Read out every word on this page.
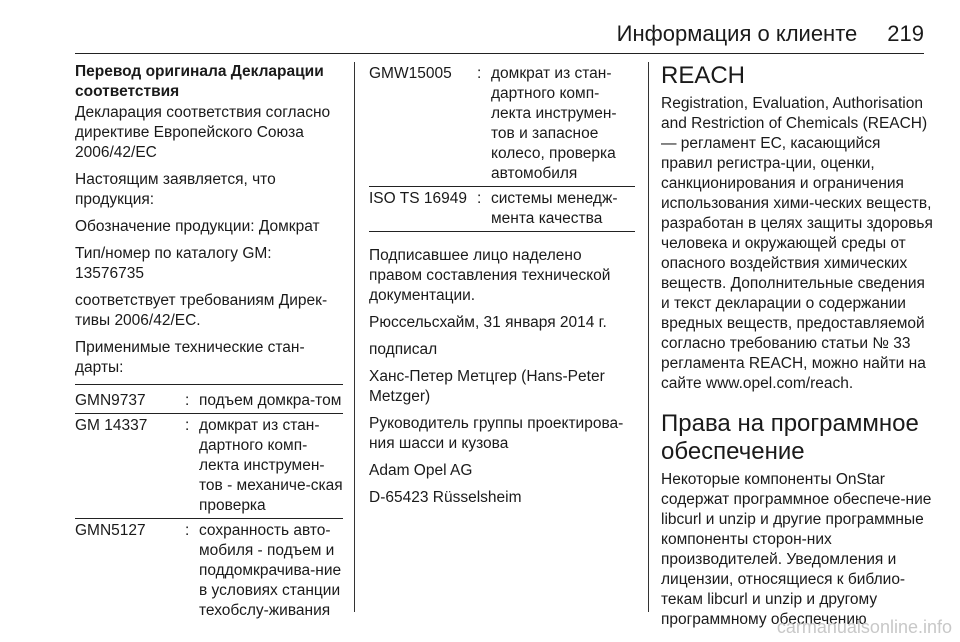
Информация о клиенте 219
Перевод оригинала Декларации соответствия
Декларация соответствия согласно директиве Европейского Союза 2006/42/EC
Настоящим заявляется, что продукция:
Обозначение продукции: Домкрат
Тип/номер по каталогу GM: 13576735
соответствует требованиям Дирек-тивы 2006/42/EC.
Применимые технические стан-дарты:
GMN9737	: подъем домкра-том
GM 14337	: домкрат из стан-дартного комп-лекта инструмен-тов - механиче-ская проверка
GMN5127	: сохранность авто-мобиля - подъем и поддомкрачива-ние в условиях станции техобслу-живания
GMW15005	: домкрат из стан-дартного комп-лекта инструмен-тов и запасное колесо, проверка автомобиля
ISO TS 16949 : системы менедж-мента качества
Подписавшее лицо наделено правом составления технической документации.
Рюссельсхайм, 31 января 2014 г.
подписал
Ханс-Петер Метцгер (Hans-Peter Metzger)
Руководитель группы проектирова-ния шасси и кузова
Adam Opel AG
D-65423 Rüsselsheim
REACH
Registration, Evaluation, Authorisation and Restriction of Chemicals (REACH) — регламент ЕС, касающийся правил регистра-ции, оценки, санкционирования и ограничения использования хими-ческих веществ, разработан в целях защиты здоровья человека и окружающей среды от опасного воздействия химических веществ. Дополнительные сведения и текст декларации о содержании вредных веществ, предоставляемой согласно требованию статьи № 33 регламента REACH, можно найти на сайте www.opel.com/reach.
Права на программное обеспечение
Некоторые компоненты OnStar содержат программное обеспече-ние libcurl и unzip и другие программные компоненты сторон-них производителей. Уведомления и лицензии, относящиеся к библио-текам libcurl и unzip и другому программному обеспечению
carmanualsonline.info
